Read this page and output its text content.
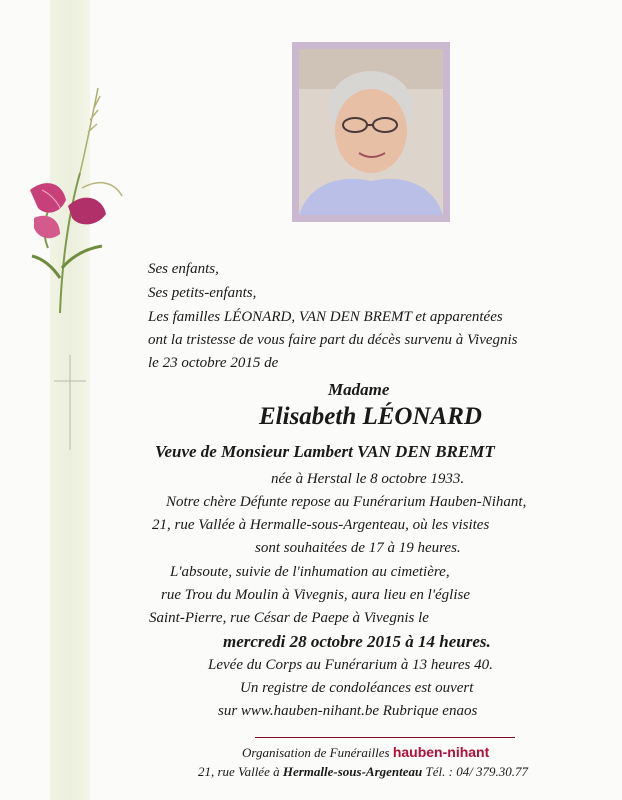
Ses enfants,
Ses petits-enfants,
Les familles LÉONARD, VAN DEN BREMT et apparentées
ont la tristesse de vous faire part du décès survenu à Vivegnis
le 23 octobre 2015 de
Madame
Elisabeth LÉONARD
Veuve de Monsieur Lambert VAN DEN BREMT
née à Herstal le 8 octobre 1933.
Notre chère Défunte repose au Funérarium Hauben-Nihant,
21, rue Vallée à Hermalle-sous-Argenteau, où les visites
sont souhaitées de 17 à 19 heures.
L'absoute, suivie de l'inhumation au cimetière,
rue Trou du Moulin à Vivegnis, aura lieu en l'église
Saint-Pierre, rue César de Paepe à Vivegnis le
mercredi 28 octobre 2015 à 14 heures.
Levée du Corps au Funérarium à 13 heures 40.
Un registre de condoléances est ouvert
sur www.hauben-nihant.be Rubrique enaos
Organisation de Funérailles hauben-nihant
21, rue Vallée à Hermalle-sous-Argenteau Tél. : 04/ 379.30.77
